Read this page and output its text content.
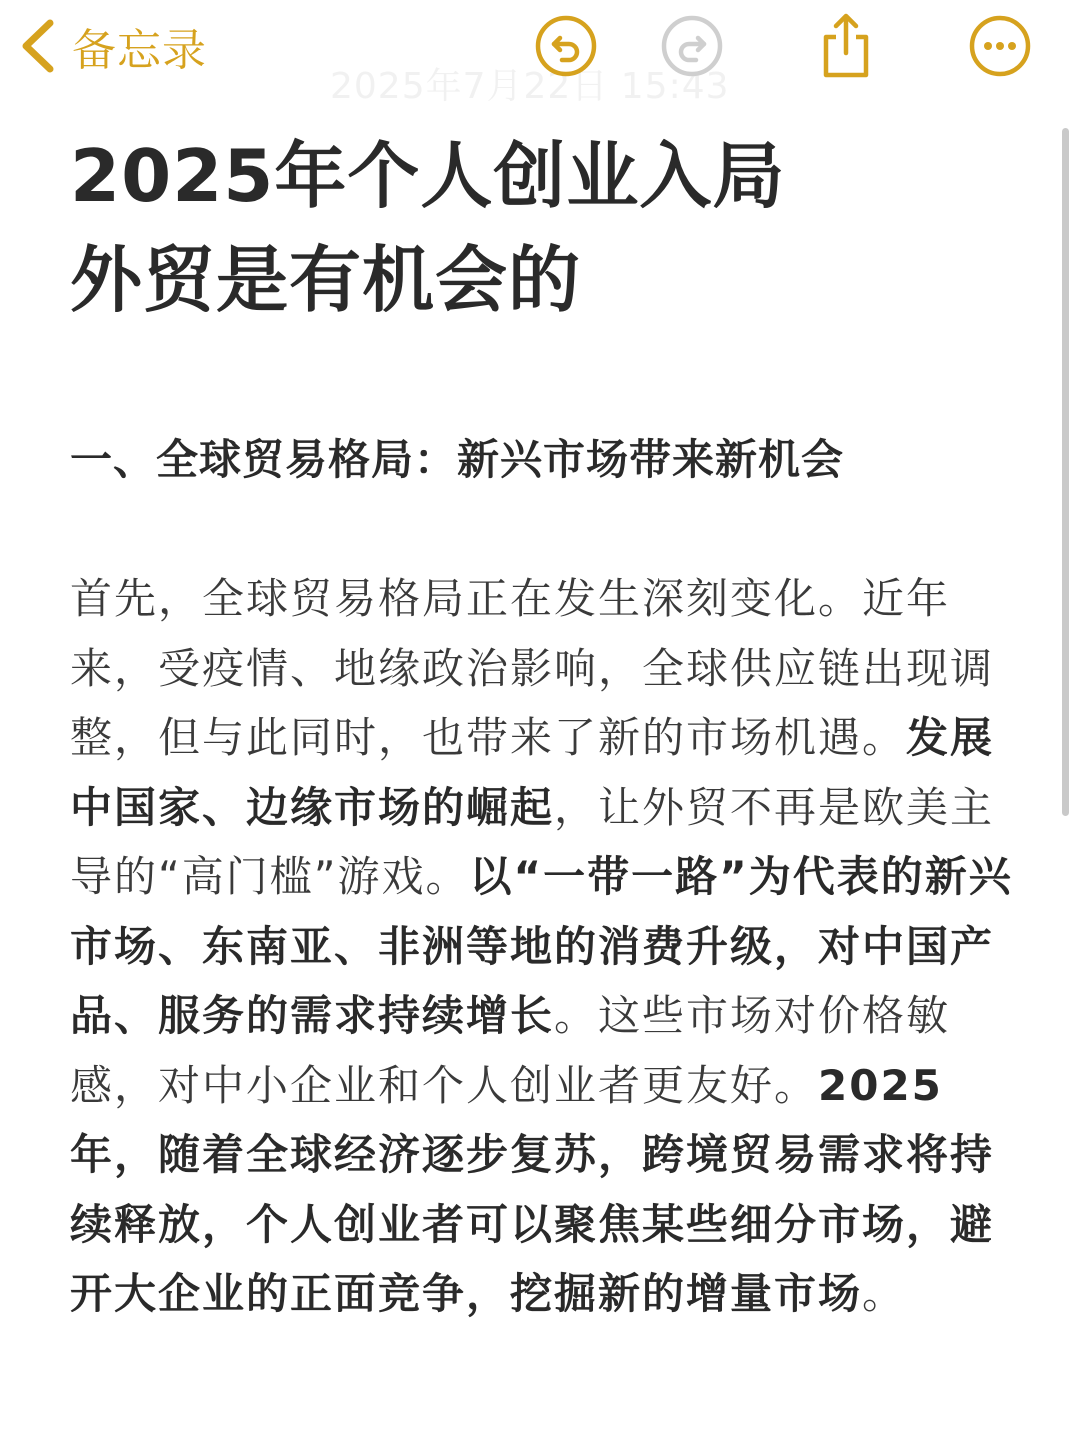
备忘录
2025年7月22日 15:43
2025年个人创业入局
外贸是有机会的
一、全球贸易格局：新兴市场带来新机会
首先，全球贸易格局正在发生深刻变化。近年来，受疫情、地缘政治影响，全球供应链出现调整，但与此同时，也带来了新的市场机遇。发展中国家、边缘市场的崛起，让外贸不再是欧美主导的“高门槛”游戏。以“一带一路”为代表的新兴市场、东南亚、非洲等地的消费升级，对中国产品、服务的需求持续增长。这些市场对价格敏感，对中小企业和个人创业者更友好。2025年，随着全球经济逐步复苏，跨境贸易需求将持续释放，个人创业者可以聚焦某些细分市场，避开大企业的正面竞争，挖掘新的增量市场。
